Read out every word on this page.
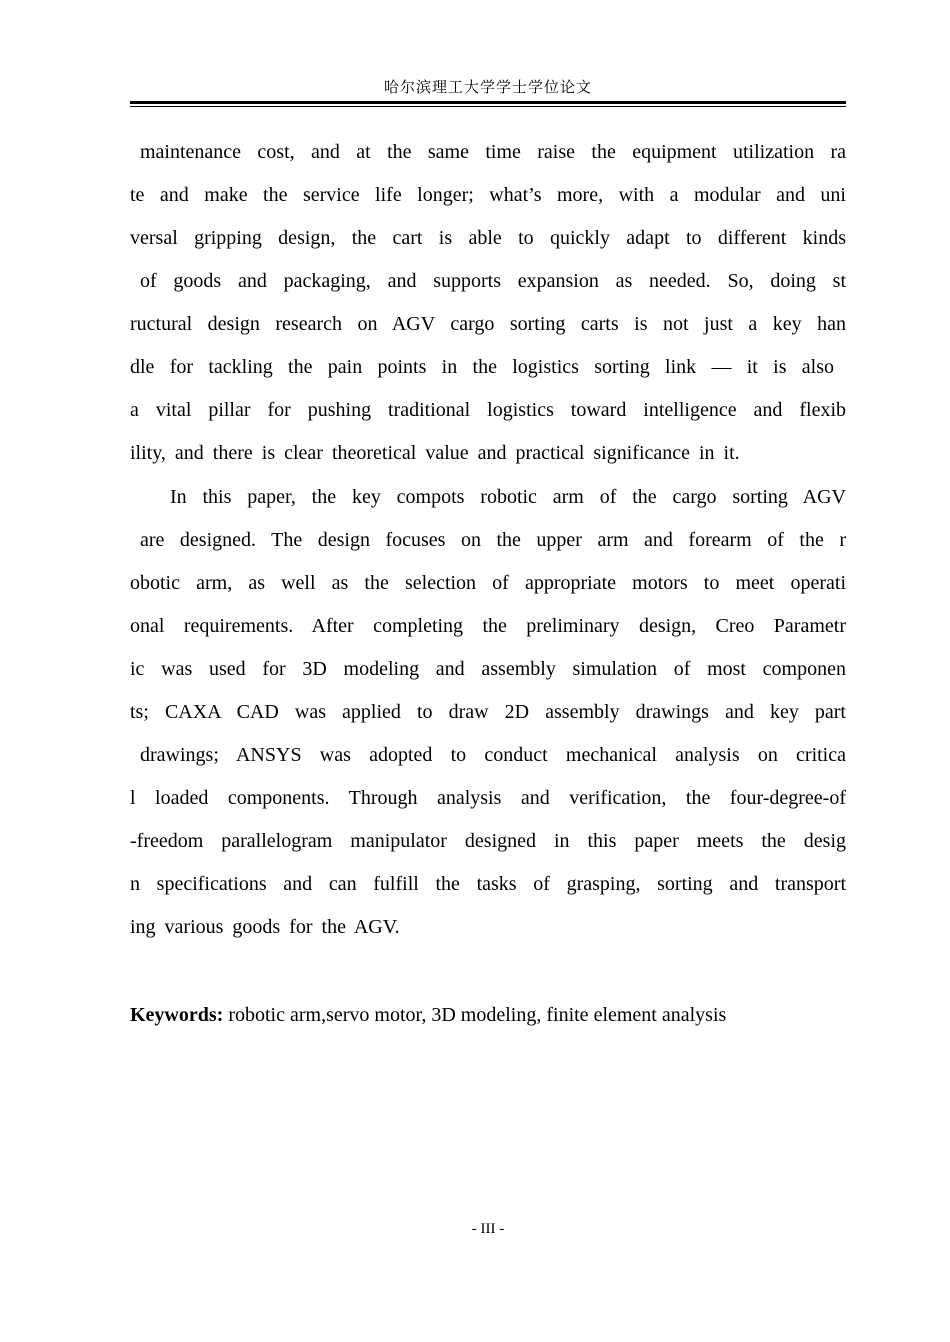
哈尔滨理工大学学士学位论文
maintenance cost, and at the same time raise the equipment utilization ra
te and make the service life longer; what’s more, with a modular and uni
versal gripping design, the cart is able to quickly adapt to different kinds
of goods and packaging, and supports expansion as needed. So, doing st
ructural design research on AGV cargo sorting carts is not just a key han
dle for tackling the pain points in the logistics sorting link — it is also
a vital pillar for pushing traditional logistics toward intelligence and flexib
ility, and there is clear theoretical value and practical significance in it.
In this paper, the key compots robotic arm of the cargo sorting AGV
are designed. The design focuses on the upper arm and forearm of the r
obotic arm, as well as the selection of appropriate motors to meet operati
onal requirements. After completing the preliminary design, Creo Parametr
ic was used for 3D modeling and assembly simulation of most componen
ts; CAXA CAD was applied to draw 2D assembly drawings and key part
drawings; ANSYS was adopted to conduct mechanical analysis on critica
l loaded components. Through analysis and verification, the four-degree-of
-freedom parallelogram manipulator designed in this paper meets the desig
n specifications and can fulfill the tasks of grasping, sorting and transport
ing various goods for the AGV.
Keywords: robotic arm,servo motor, 3D modeling, finite element analysis
- III -
